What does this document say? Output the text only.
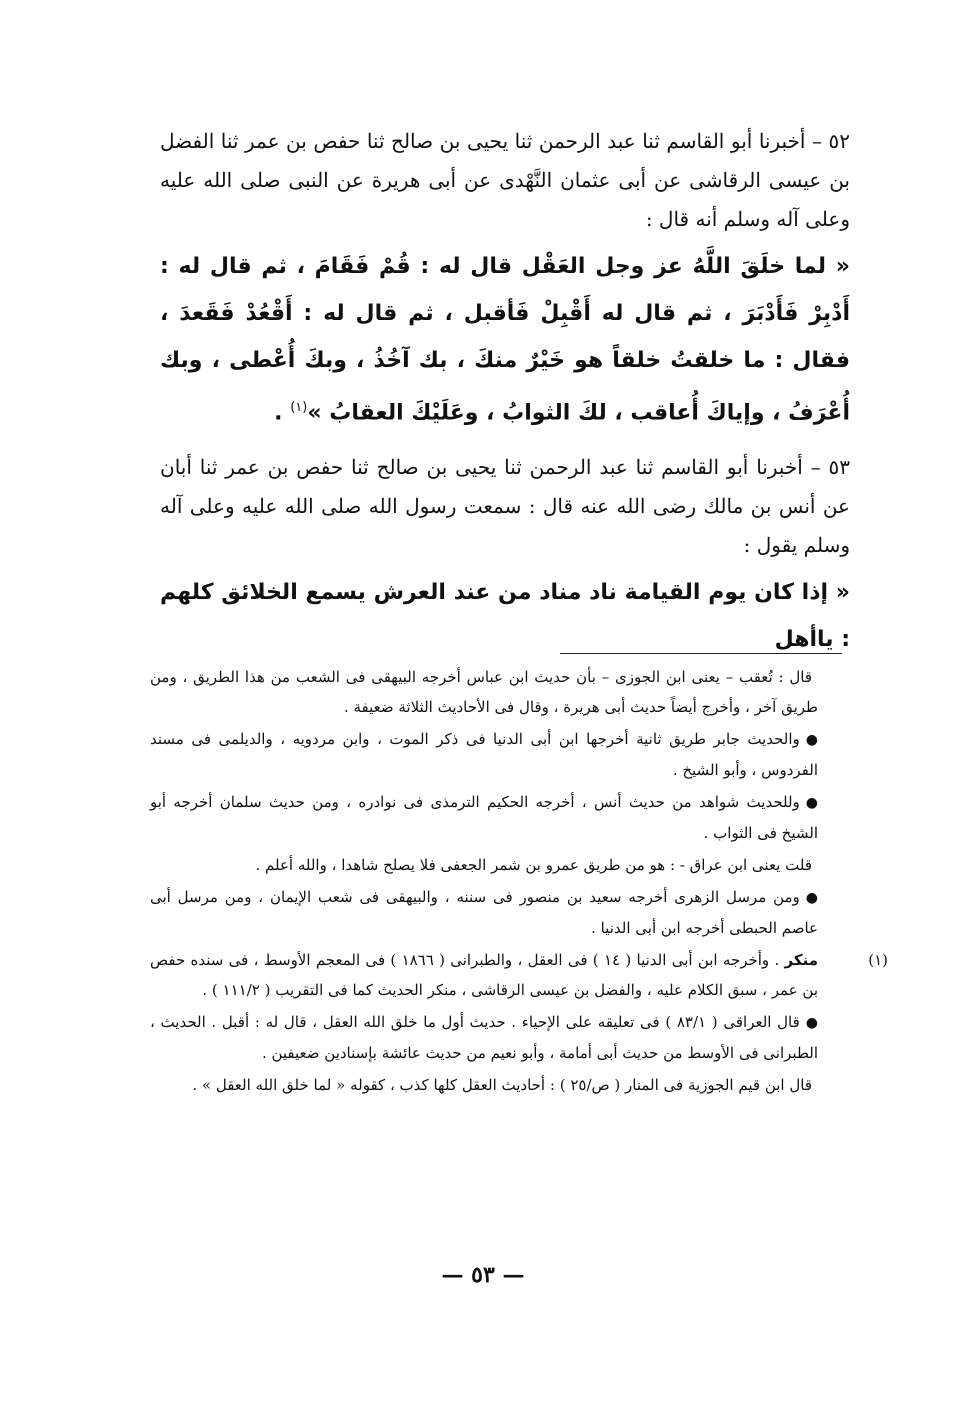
٥٢ – أخبرنا أبو القاسم ثنا عبد الرحمن ثنا يحيى بن صالح ثنا حفص بن عمر ثنا الفضل بن عيسى الرقاشى عن أبى عثمان النَّهْدى عن أبى هريرة عن النبى صلى الله عليه وعلى آله وسلم أنه قال :

« لما خلَقَ اللَّهُ عز وجل العَقْل قال له : قُمْ فَقَامَ ، ثم قال له : أَدْبِرْ فَأَدْبَرَ ، ثم قال له أَقْبِلْ فَأقبل ، ثم قال له : أَقْعُدْ فَقَعدَ ، فقال : ما خلقتُ خلقاً هو خَيْرٌ منكَ ، بك آخُذُ ، وبكَ أُعْطى ، وبك أُعْرَفُ ، وإياكَ أُعاقب ، لكَ الثوابُ ، وعَلَيْكَ العقابُ »$^{(١)}$ .

٥٣ – أخبرنا أبو القاسم ثنا عبد الرحمن ثنا يحيى بن صالح ثنا حفص بن عمر ثنا أبان عن أنس بن مالك رضى الله عنه قال : سمعت رسول الله صلى الله عليه وعلى آله وسلم يقول :

« إذا كان يوم القيامة ناد مناد من عند العرش يسمع الخلائق كلهم : ياأهل

قال : تُعقب – يعنى ابن الجوزى – بأن حديث ابن عباس أخرجه البيهقى فى الشعب من هذا الطريق ، ومن طريق آخر ، وأخرج أيضاً حديث أبى هريرة ، وقال فى الأحاديث الثلاثة ضعيفة .

●والحديث جابر طريق ثانية أخرجها ابن أبى الدنيا فى ذكر الموت ، وابن مردويه ، والديلمى فى مسند الفردوس ، وأبو الشيخ .

●وللحديث شواهد من حديث أنس ، أخرجه الحكيم الترمذى فى نوادره ، ومن حديث سلمان أخرجه أبو الشيخ فى الثواب .

قلت يعنى ابن عراق - : هو من طريق عمرو بن شمر الجعفى فلا يصلح شاهدا ، والله أعلم .

●ومن مرسل الزهرى أخرجه سعيد بن منصور فى سننه ، والبيهقى فى شعب الإيمان ، ومن مرسل أبى عاصم الحبطى أخرجه ابن أبى الدنيا .

(١)
منكر . وأخرجه ابن أبى الدنيا ( ١٤ ) فى العقل ، والطبرانى ( ١٨٦٦ ) فى المعجم الأوسط ، فى سنده حفص بن عمر ، سبق الكلام عليه ، والفضل بن عيسى الرقاشى ، منكر الحديث كما فى التقريب ( ١١١/٢ ) .

●قال العراقى ( ٨٣/١ ) فى تعليقه على الإحياء . حديث أول ما خلق الله العقل ، قال له : أقبل . الحديث ، الطبرانى فى الأوسط من حديث أبى أمامة ، وأبو نعيم من حديث عائشة بإسنادين ضعيفين .

قال ابن قيم الجوزية فى المنار ( ص/٢٥ ) : أحاديث العقل كلها كذب ، كقوله « لما خلق الله العقل » .

— ٥٣ —
